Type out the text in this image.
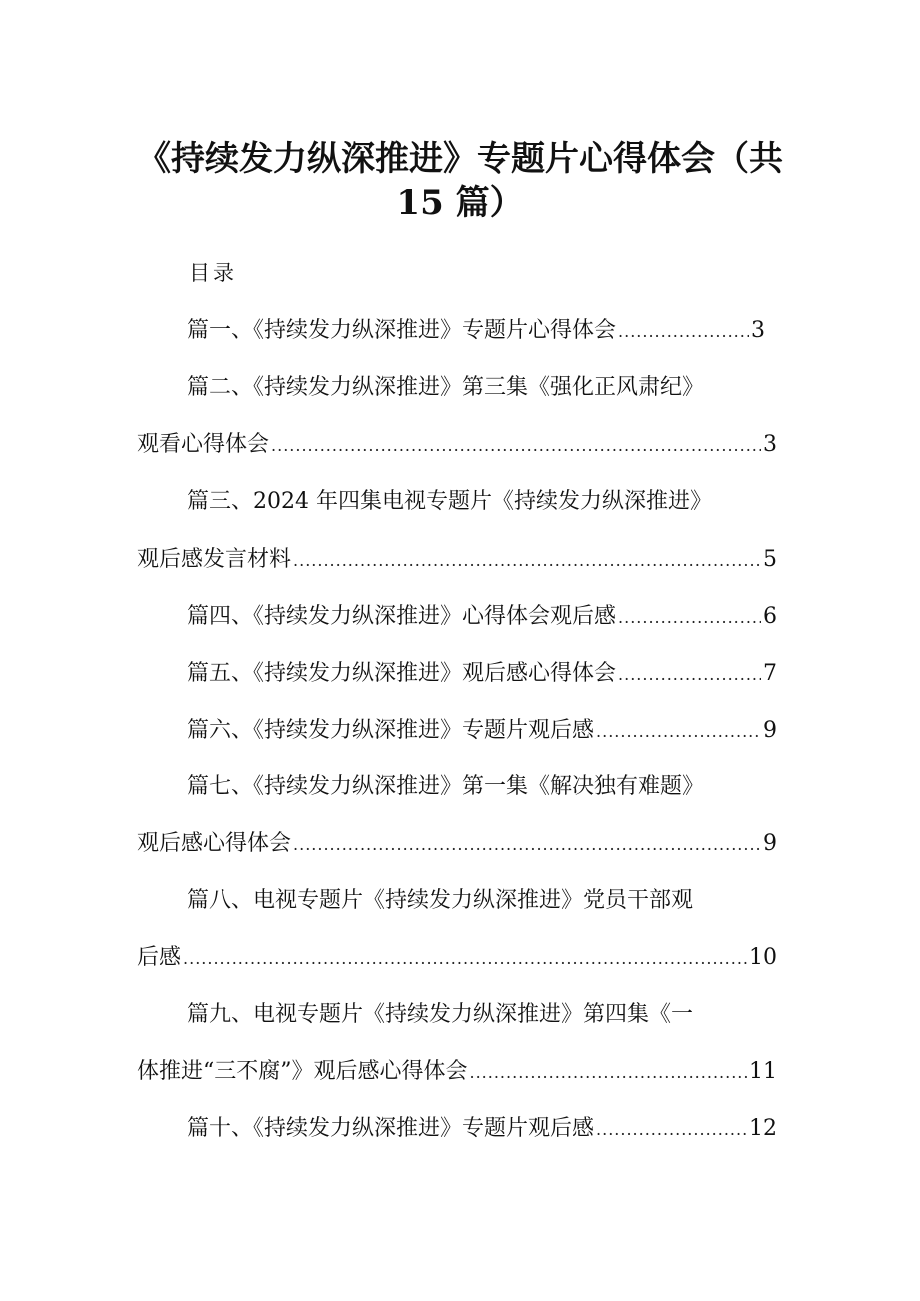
《持续发力纵深推进》专题片心得体会（共
15 篇）
目录
篇一、《持续发力纵深推进》专题片心得体会 .....	3
篇二、《持续发力纵深推进》第三集《强化正风肃纪》
观看心得体会 .....	3
篇三、2024 年四集电视专题片《持续发力纵深推进》
观后感发言材料 .....	5
篇四、《持续发力纵深推进》心得体会观后感 .....	6
篇五、《持续发力纵深推进》观后感心得体会 .....	7
篇六、《持续发力纵深推进》专题片观后感 .....	9
篇七、《持续发力纵深推进》第一集《解决独有难题》
观后感心得体会 .....	9
篇八、电视专题片《持续发力纵深推进》党员干部观
后感 .....	10
篇九、电视专题片《持续发力纵深推进》第四集《一
体推进“三不腐”》观后感心得体会 .....	11
篇十、《持续发力纵深推进》专题片观后感 .....	12
